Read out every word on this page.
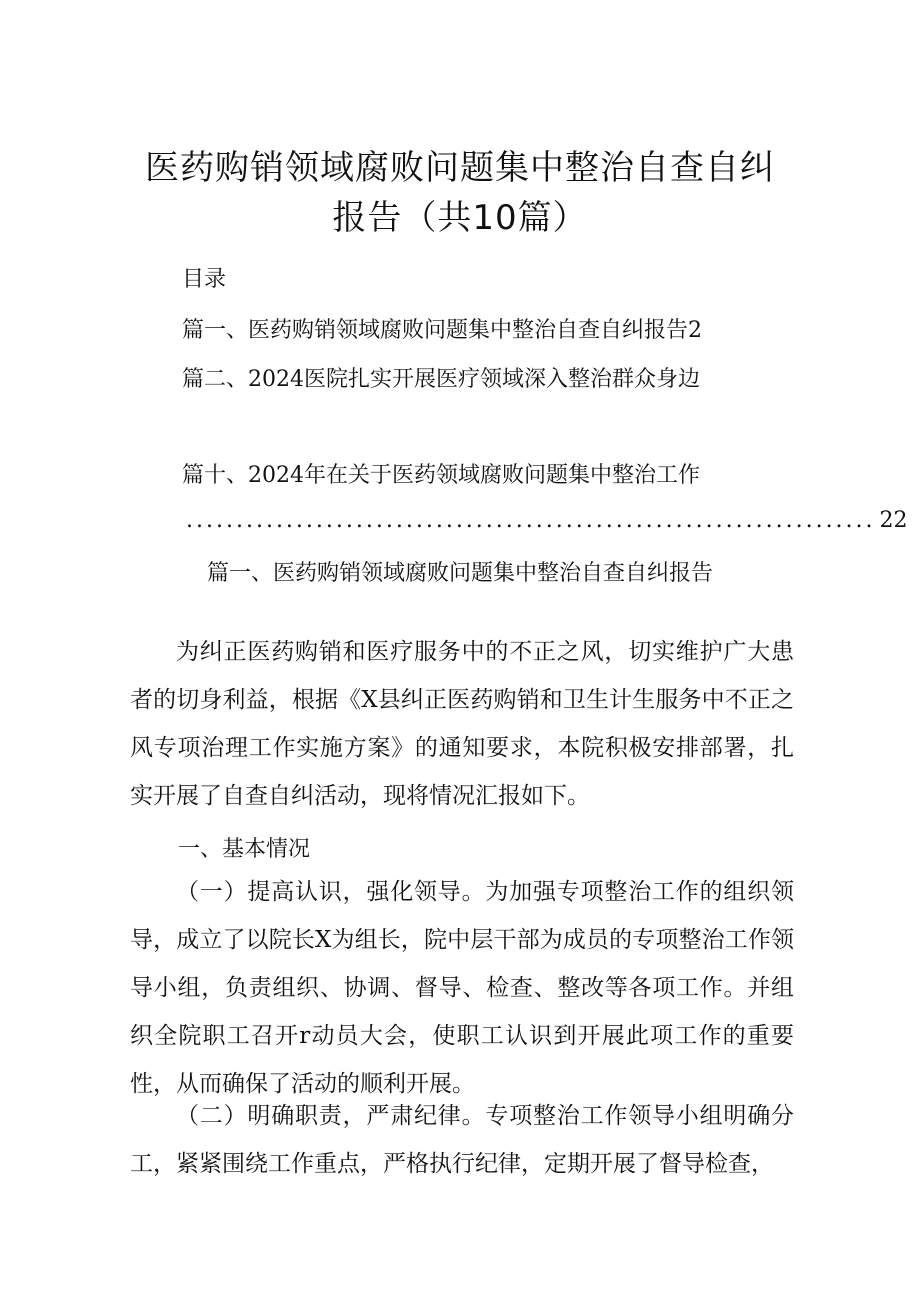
医药购销领域腐败问题集中整治自查自纠
报告（共10篇）
目录
篇一、医药购销领域腐败问题集中整治自查自纠报告2
篇二、2024医院扎实开展医疗领域深入整治群众身边
篇十、2024年在关于医药领域腐败问题集中整治工作
..................................................................... 22
篇一、医药购销领域腐败问题集中整治自查自纠报告

为纠正医药购销和医疗服务中的不正之风，切实维护广大患者的切身利益，根据《X县纠正医药购销和卫生计生服务中不正之风专项治理工作实施方案》的通知要求，本院积极安排部署，扎实开展了自查自纠活动，现将情况汇报如下。

一、基本情况

（一）提高认识，强化领导。为加强专项整治工作的组织领导，成立了以院长X为组长，院中层干部为成员的专项整治工作领导小组，负责组织、协调、督导、检查、整改等各项工作。并组织全院职工召开r动员大会，使职工认识到开展此项工作的重要性，从而确保了活动的顺利开展。

（二）明确职责，严肃纪律。专项整治工作领导小组明确分工，紧紧围绕工作重点，严格执行纪律，定期开展了督导检查，
